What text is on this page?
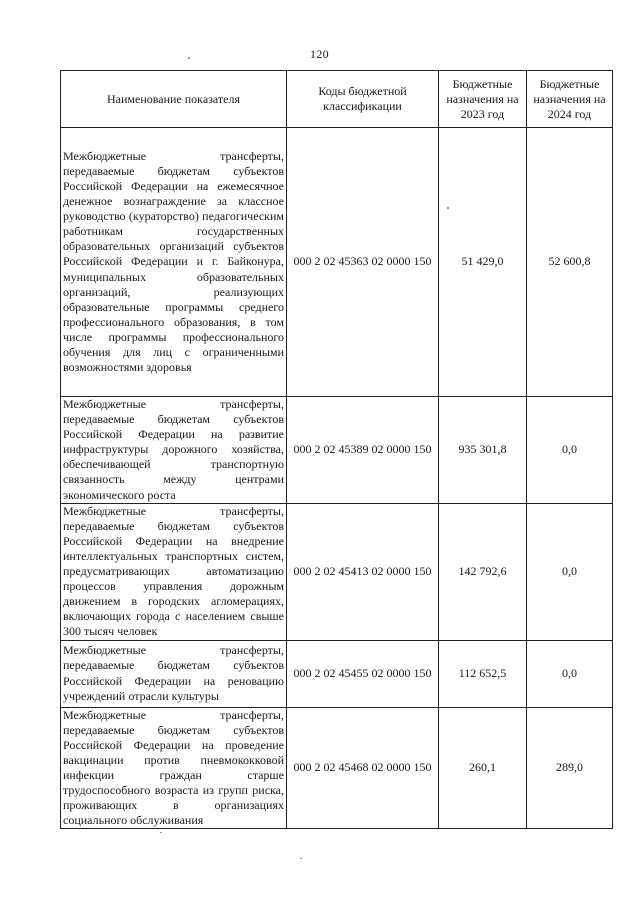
120
Наименование показателя	Коды бюджетной классификации	Бюджетные назначения на 2023 год	Бюджетные назначения на 2024 год
Межбюджетные трансферты, передаваемые бюджетам субъектов Российской Федерации на ежемесячное денежное вознаграждение за классное руководство (кураторство) педагогическим работникам государственных образовательных организаций субъектов Российской Федерации и г. Байконура, муниципальных образовательных организаций, реализующих образовательные программы среднего профессионального образования, в том числе программы профессионального обучения для лиц с ограниченными возможностями здоровья	000 2 02 45363 02 0000 150	51 429,0	52 600,8
Межбюджетные трансферты, передаваемые бюджетам субъектов Российской Федерации на развитие инфраструктуры дорожного хозяйства, обеспечивающей транспортную связанность между центрами экономического роста	000 2 02 45389 02 0000 150	935 301,8	0,0
Межбюджетные трансферты, передаваемые бюджетам субъектов Российской Федерации на внедрение интеллектуальных транспортных систем, предусматривающих автоматизацию процессов управления дорожным движением в городских агломерациях, включающих города с населением свыше 300 тысяч человек	000 2 02 45413 02 0000 150	142 792,6	0,0
Межбюджетные трансферты, передаваемые бюджетам субъектов Российской Федерации на реновацию учреждений отрасли культуры	000 2 02 45455 02 0000 150	112 652,5	0,0
Межбюджетные трансферты, передаваемые бюджетам субъектов Российской Федерации на проведение вакцинации против пневмококковой инфекции граждан старше трудоспособного возраста из групп риска, проживающих в организациях социального обслуживания	000 2 02 45468 02 0000 150	260,1	289,0
